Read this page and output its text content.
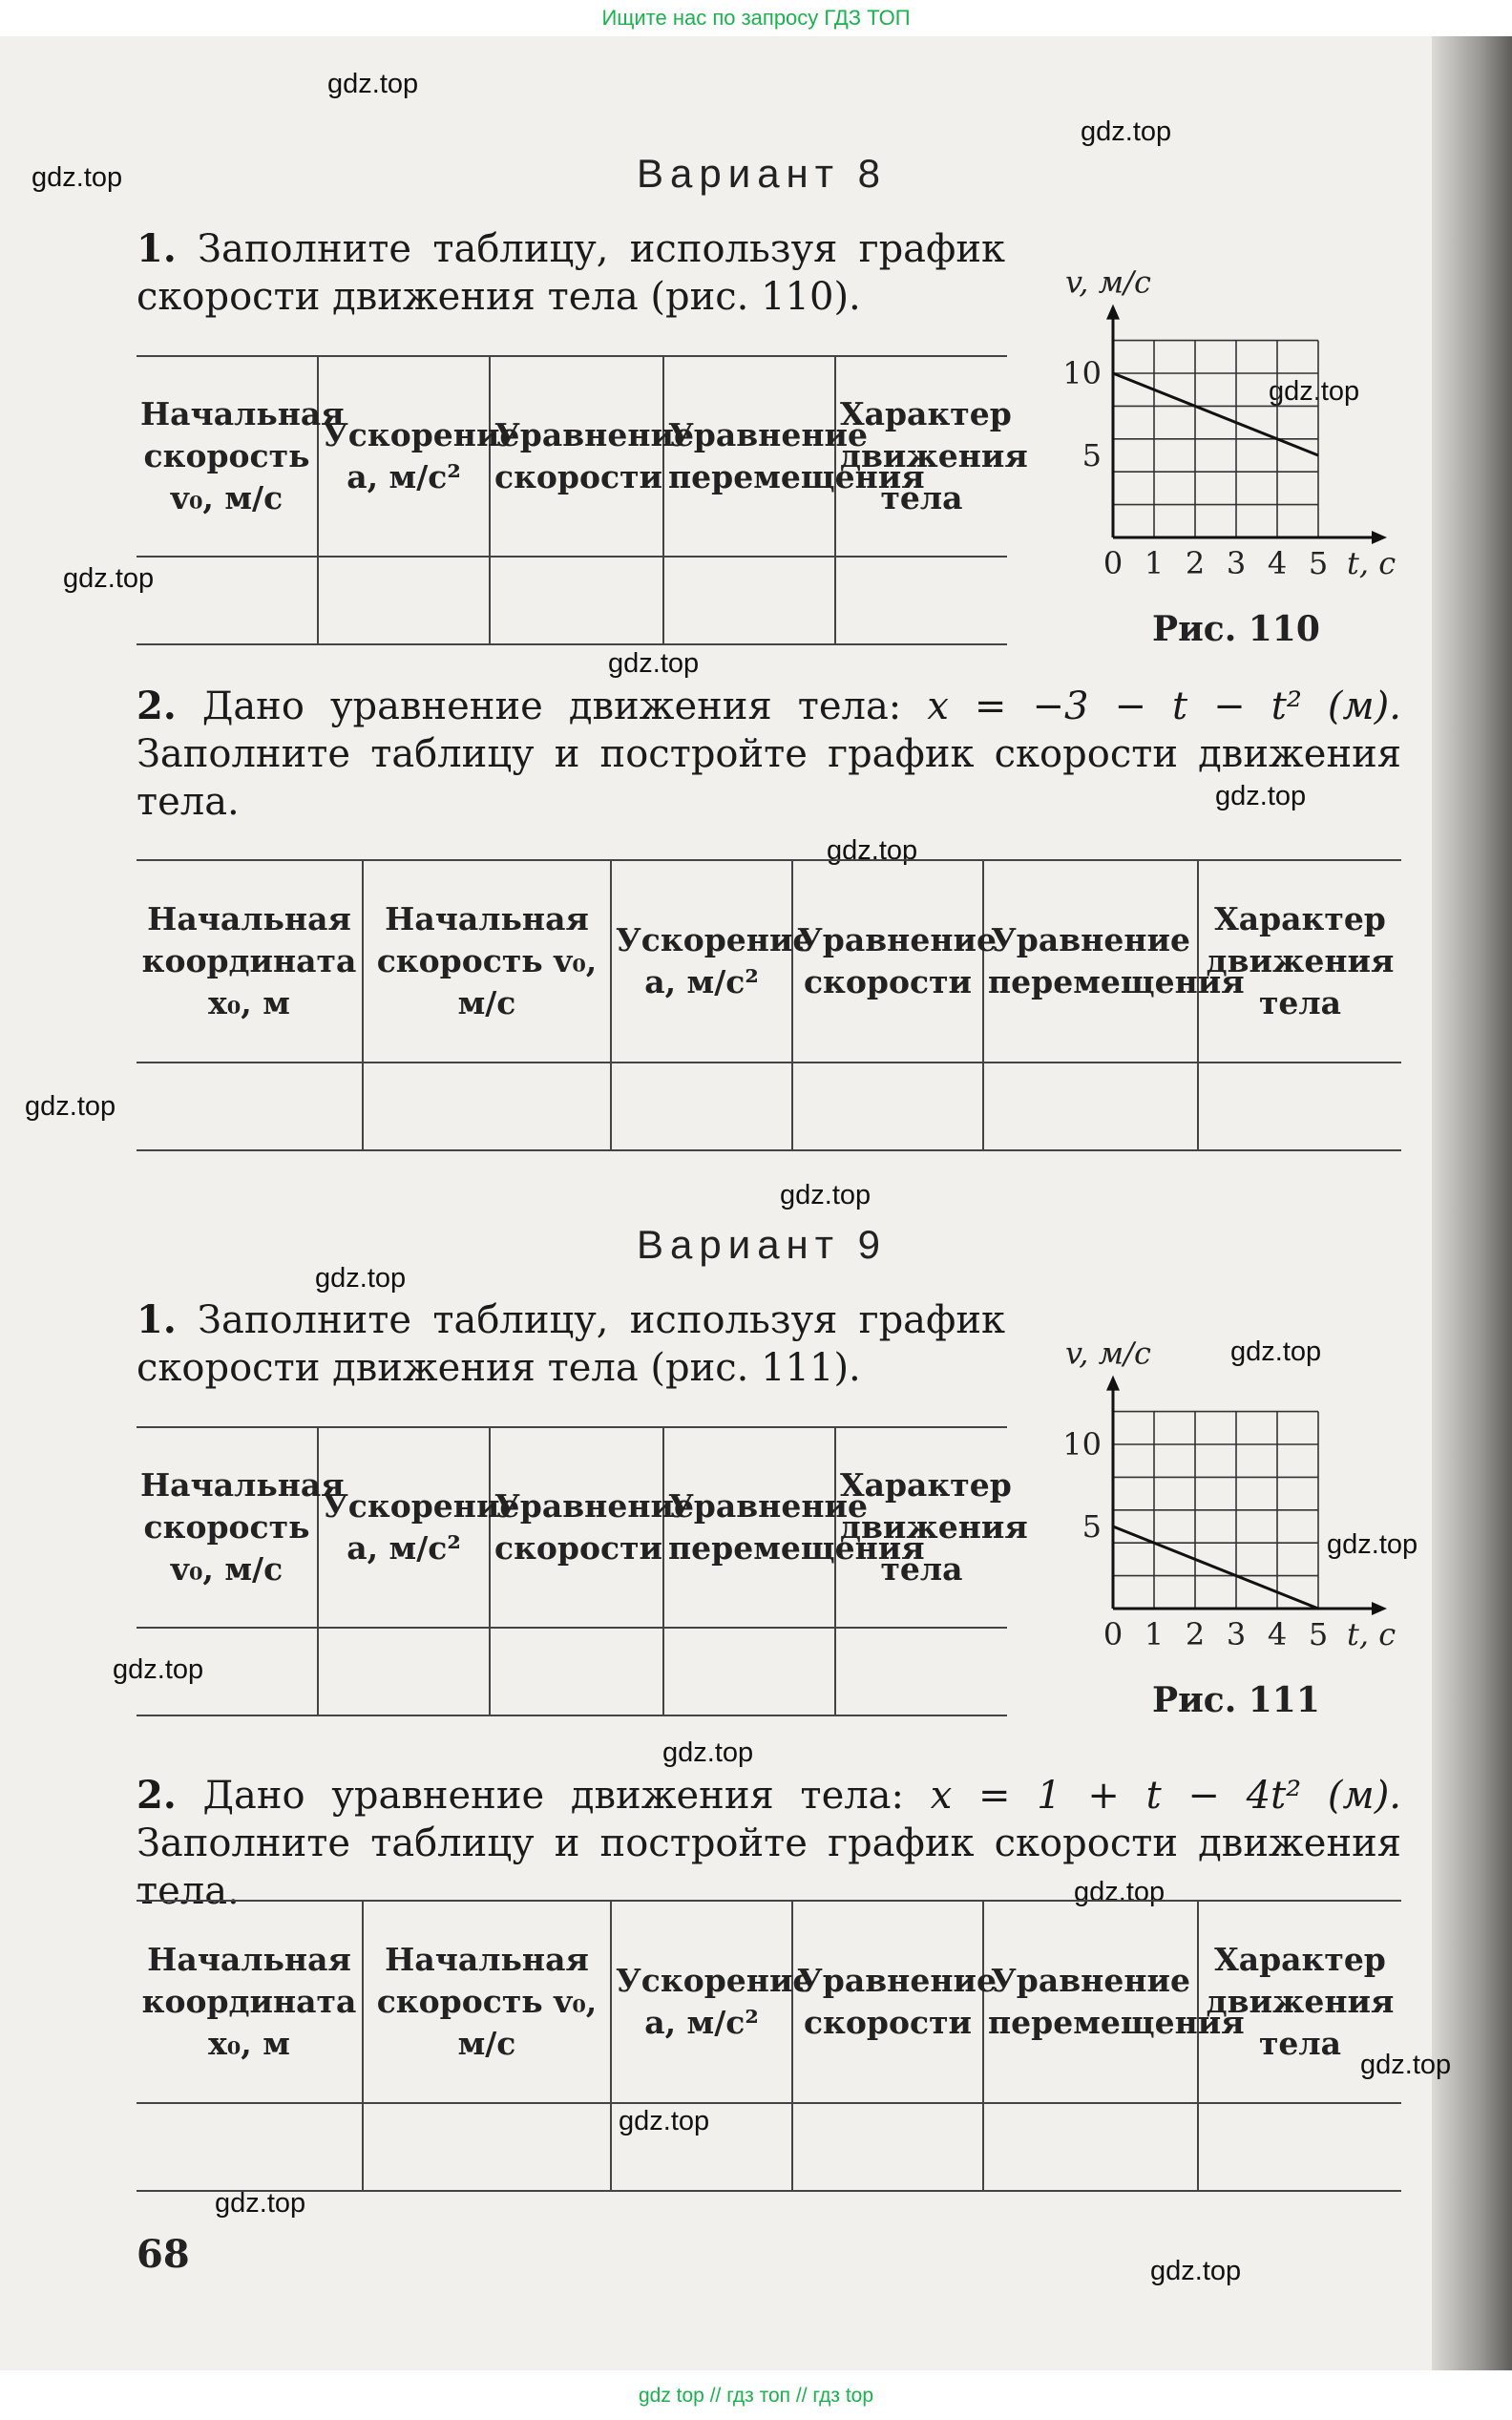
Ищите нас по запросу ГДЗ ТОП
gdz.top
gdz.top
gdz.top
gdz.top
gdz.top
gdz.top
gdz.top
gdz.top
gdz.top
gdz.top
gdz.top
gdz.top
gdz.top
gdz.top
gdz.top
gdz.top
gdz.top
gdz.top
gdz.top
gdz.top
Вариант 8
1. Заполните таблицу, используя график скорости движения тела (рис. 110).
Начальная скорость v₀, м/с	Ускорение a, м/с²	Уравнение скорости	Уравнение перемещения	Характер движения тела

0 1 2 3 4 5
5
10
t, с
v, м/с
Рис. 110
2. Дано уравнение движения тела: x = −3 − t − t² (м). Заполните таблицу и постройте график скорости движения тела.
Начальная координата x₀, м	Начальная скорость v₀, м/с	Ускорение a, м/с²	Уравнение скорости	Уравнение перемещения	Характер движения тела

Вариант 9
1. Заполните таблицу, используя график скорости движения тела (рис. 111).
Начальная скорость v₀, м/с	Ускорение a, м/с²	Уравнение скорости	Уравнение перемещения	Характер движения тела

0 1 2 3 4 5
5
10
t, с
v, м/с
Рис. 111
2. Дано уравнение движения тела: x = 1 + t − 4t² (м). Заполните таблицу и постройте график скорости движения тела.
Начальная координата x₀, м	Начальная скорость v₀, м/с	Ускорение a, м/с²	Уравнение скорости	Уравнение перемещения	Характер движения тела

68
gdz top // гдз топ // гдз top
